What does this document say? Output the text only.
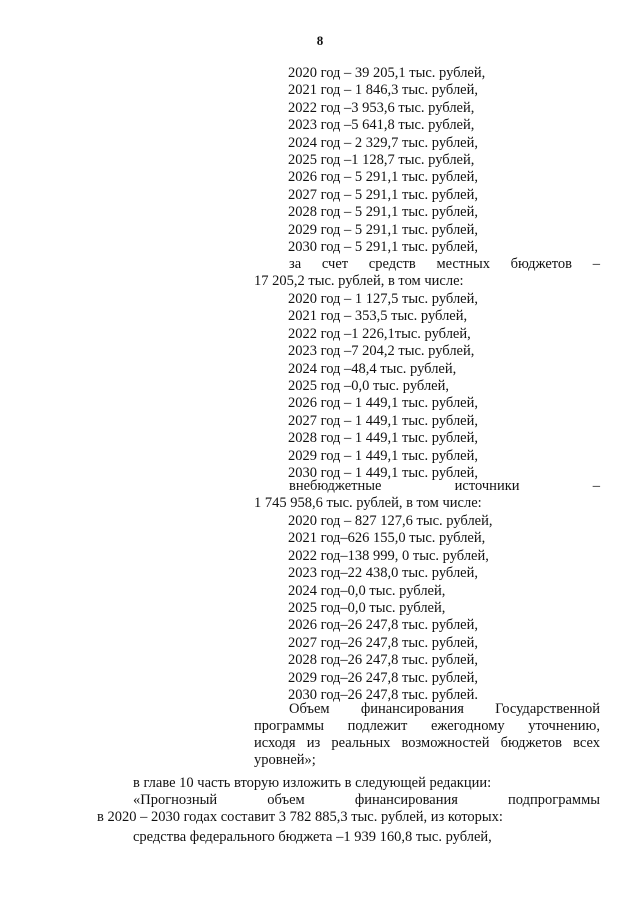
8
2020 год – 39 205,1 тыс. рублей,
2021 год – 1 846,3 тыс. рублей,
2022 год –3 953,6 тыс. рублей,
2023 год –5 641,8 тыс. рублей,
2024 год – 2 329,7 тыс. рублей,
2025 год –1 128,7 тыс. рублей,
2026 год – 5 291,1 тыс. рублей,
2027 год – 5 291,1 тыс. рублей,
2028 год – 5 291,1 тыс. рублей,
2029 год – 5 291,1 тыс. рублей,
2030 год – 5 291,1 тыс. рублей,
за счет средств местных бюджетов –
17 205,2 тыс. рублей, в том числе:
2020 год – 1 127,5 тыс. рублей,
2021 год – 353,5 тыс. рублей,
2022 год –1 226,1тыс. рублей,
2023 год –7 204,2 тыс. рублей,
2024 год –48,4 тыс. рублей,
2025 год –0,0 тыс. рублей,
2026 год – 1 449,1 тыс. рублей,
2027 год – 1 449,1 тыс. рублей,
2028 год – 1 449,1 тыс. рублей,
2029 год – 1 449,1 тыс. рублей,
2030 год – 1 449,1 тыс. рублей,
внебюджетные источники –
1 745 958,6 тыс. рублей, в том числе:
2020 год – 827 127,6 тыс. рублей,
2021 год–626 155,0 тыс. рублей,
2022 год–138 999, 0 тыс. рублей,
2023 год–22 438,0 тыс. рублей,
2024 год–0,0 тыс. рублей,
2025 год–0,0 тыс. рублей,
2026 год–26 247,8 тыс. рублей,
2027 год–26 247,8 тыс. рублей,
2028 год–26 247,8 тыс. рублей,
2029 год–26 247,8 тыс. рублей,
2030 год–26 247,8 тыс. рублей.
Объем финансирования Государственной
программы подлежит ежегодному уточнению,
исходя из реальных возможностей бюджетов всех
уровней»;
в главе 10 часть вторую изложить в следующей редакции:
«Прогнозный объем финансирования подпрограммы
в 2020 – 2030 годах составит 3 782 885,3 тыс. рублей, из которых:
средства федерального бюджета –1 939 160,8 тыс. рублей,
